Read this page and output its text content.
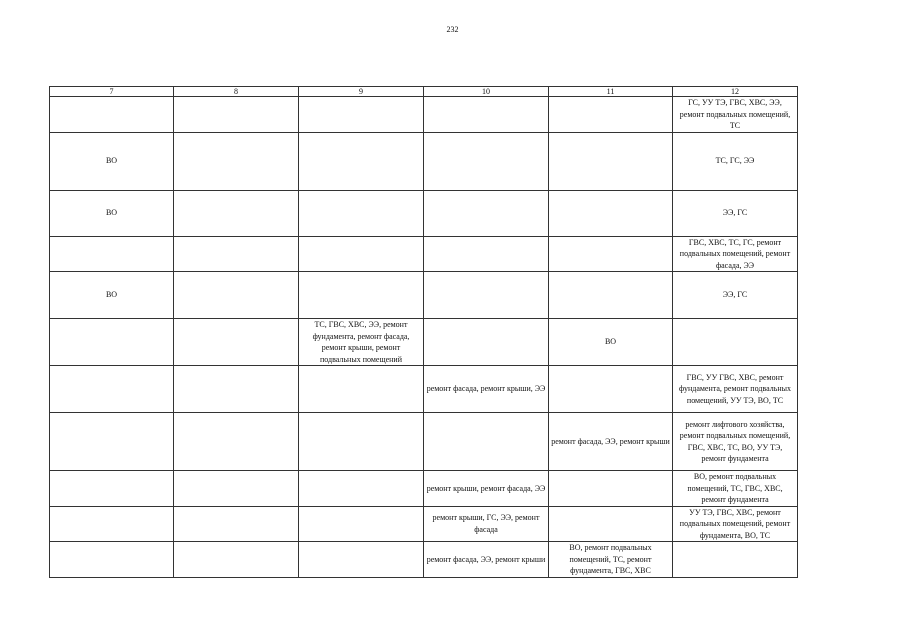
232
7	8	9	10	11	12
					ГС, УУ ТЭ, ГВС, ХВС, ЭЭ, ремонт подвальных помещений, ТС
ВО					ТС, ГС, ЭЭ
ВО					ЭЭ, ГС
					ГВС, ХВС, ТС, ГС, ремонт подвальных помещений, ремонт фасада, ЭЭ
ВО					ЭЭ, ГС
		ТС, ГВС, ХВС, ЭЭ, ремонт фундамента, ремонт фасада, ремонт крыши, ремонт подвальных помещений		ВО	
			ремонт фасада, ремонт крыши, ЭЭ		ГВС, УУ ГВС, ХВС, ремонт фундамента, ремонт подвальных помещений, УУ ТЭ, ВО, ТС
				ремонт фасада, ЭЭ, ремонт крыши	ремонт лифтового хозяйства, ремонт подвальных помещений, ГВС, ХВС, ТС, ВО, УУ ТЭ, ремонт фундамента
			ремонт крыши, ремонт фасада, ЭЭ		ВО, ремонт подвальных помещений, ТС, ГВС, ХВС, ремонт фундамента
			ремонт крыши, ГС, ЭЭ, ремонт фасада		УУ ТЭ, ГВС, ХВС, ремонт подвальных помещений, ремонт фундамента, ВО, ТС
			ремонт фасада, ЭЭ, ремонт крыши	ВО, ремонт подвальных помещений, ТС, ремонт фундамента, ГВС, ХВС	
